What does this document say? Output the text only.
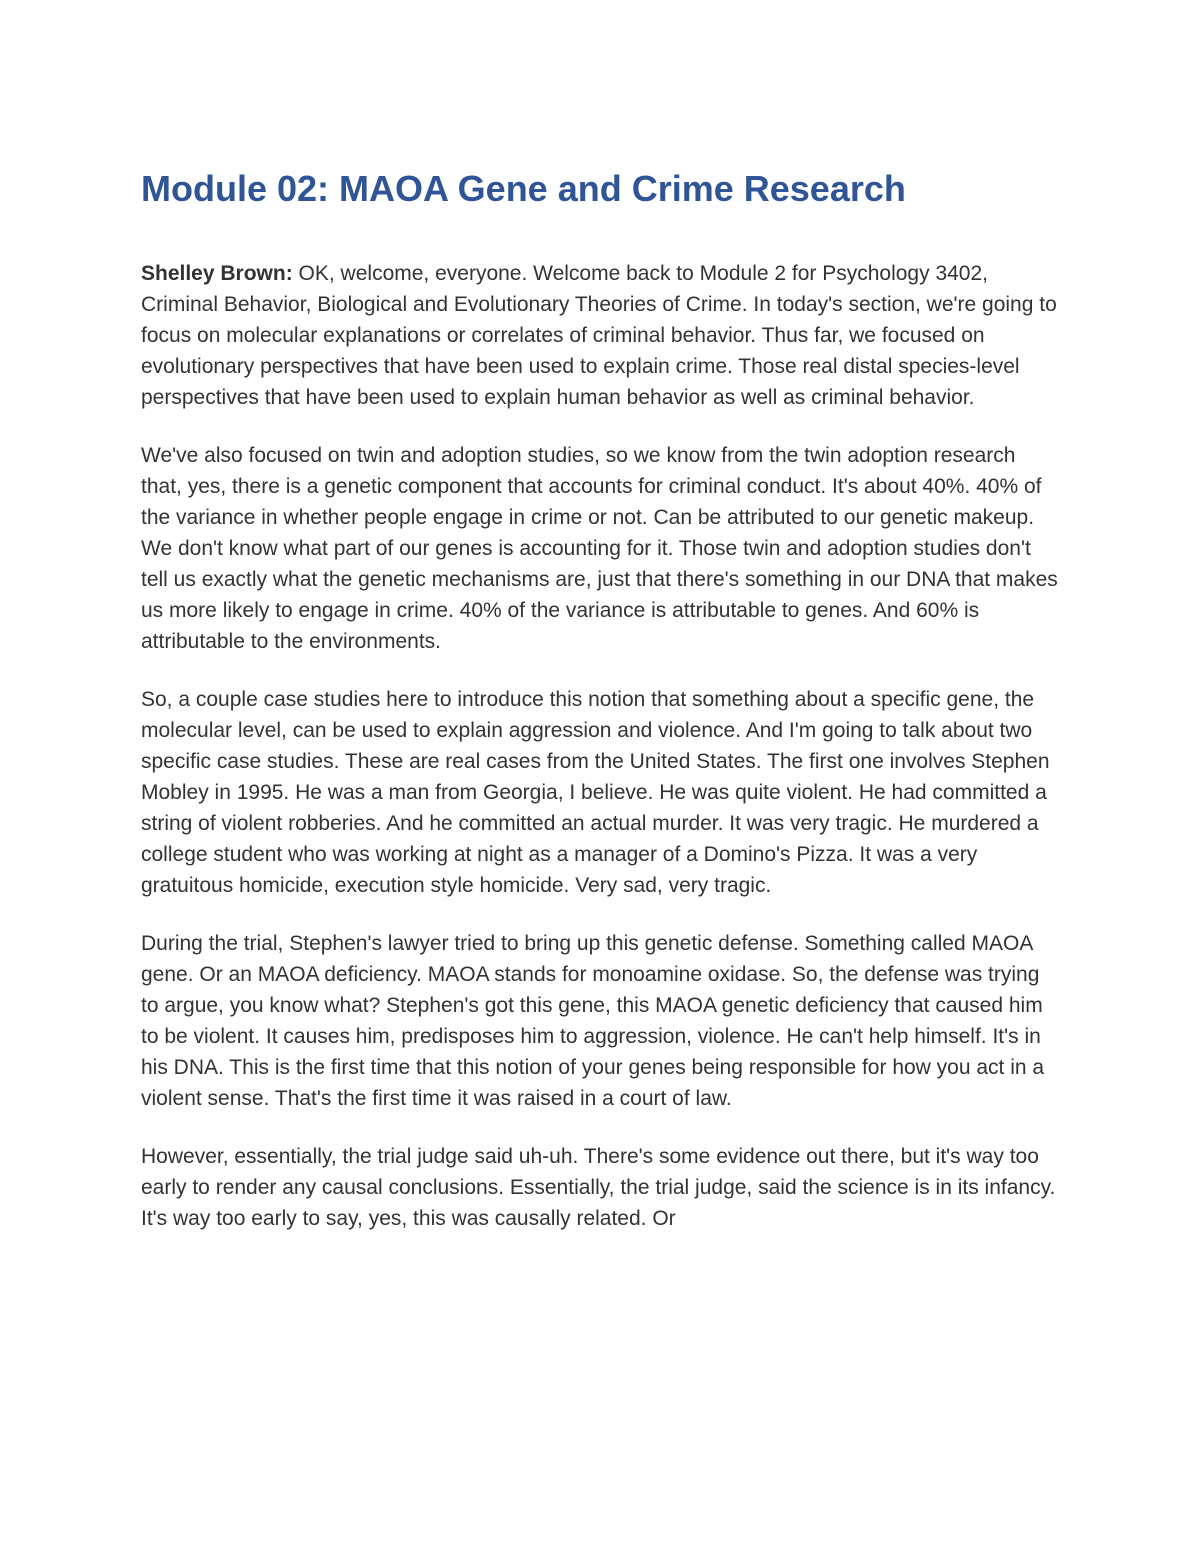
Module 02: MAOA Gene and Crime Research

Shelley Brown: OK, welcome, everyone. Welcome back to Module 2 for Psychology 3402, Criminal Behavior, Biological and Evolutionary Theories of Crime. In today's section, we're going to focus on molecular explanations or correlates of criminal behavior. Thus far, we focused on evolutionary perspectives that have been used to explain crime. Those real distal species-level perspectives that have been used to explain human behavior as well as criminal behavior.

We've also focused on twin and adoption studies, so we know from the twin adoption research that, yes, there is a genetic component that accounts for criminal conduct. It's about 40%. 40% of the variance in whether people engage in crime or not. Can be attributed to our genetic makeup. We don't know what part of our genes is accounting for it. Those twin and adoption studies don't tell us exactly what the genetic mechanisms are, just that there's something in our DNA that makes us more likely to engage in crime. 40% of the variance is attributable to genes. And 60% is attributable to the environments.

So, a couple case studies here to introduce this notion that something about a specific gene, the molecular level, can be used to explain aggression and violence. And I'm going to talk about two specific case studies. These are real cases from the United States. The first one involves Stephen Mobley in 1995. He was a man from Georgia, I believe. He was quite violent. He had committed a string of violent robberies. And he committed an actual murder. It was very tragic. He murdered a college student who was working at night as a manager of a Domino's Pizza. It was a very gratuitous homicide, execution style homicide. Very sad, very tragic.

During the trial, Stephen's lawyer tried to bring up this genetic defense. Something called MAOA gene. Or an MAOA deficiency. MAOA stands for monoamine oxidase. So, the defense was trying to argue, you know what? Stephen's got this gene, this MAOA genetic deficiency that caused him to be violent. It causes him, predisposes him to aggression, violence. He can't help himself. It's in his DNA. This is the first time that this notion of your genes being responsible for how you act in a violent sense. That's the first time it was raised in a court of law.

However, essentially, the trial judge said uh-uh. There's some evidence out there, but it's way too early to render any causal conclusions. Essentially, the trial judge, said the science is in its infancy. It's way too early to say, yes, this was causally related. Or
